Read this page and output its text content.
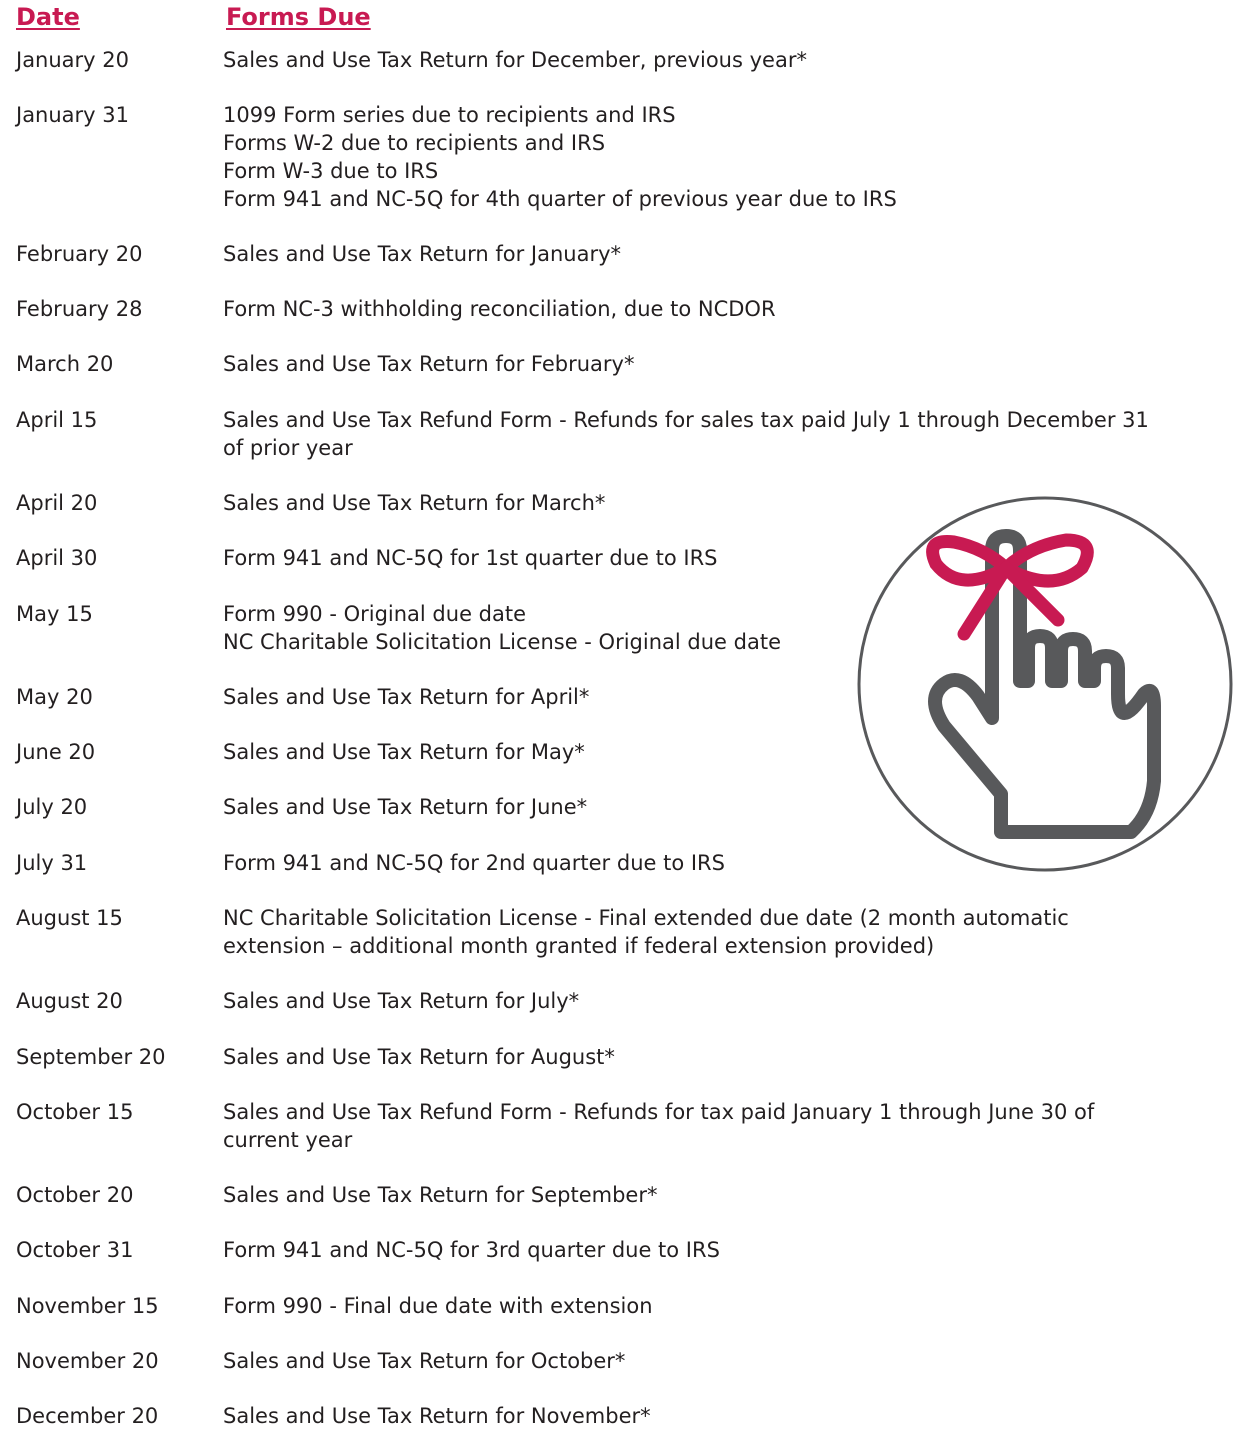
Date	Forms Due
January 20	Sales and Use Tax Return for December, previous year*
January 31	1099 Form series due to recipients and IRS
Forms W-2 due to recipients and IRS
Form W-3 due to IRS
Form 941 and NC-5Q for 4th quarter of previous year due to IRS
February 20	Sales and Use Tax Return for January*
February 28	Form NC-3 withholding reconciliation, due to NCDOR
March 20	Sales and Use Tax Return for February*
April 15	Sales and Use Tax Refund Form - Refunds for sales tax paid July 1 through December 31
of prior year
April 20	Sales and Use Tax Return for March*
April 30	Form 941 and NC-5Q for 1st quarter due to IRS
May 15	Form 990 - Original due date
NC Charitable Solicitation License - Original due date
May 20	Sales and Use Tax Return for April*
June 20	Sales and Use Tax Return for May*
July 20	Sales and Use Tax Return for June*
July 31	Form 941 and NC-5Q for 2nd quarter due to IRS
August 15	NC Charitable Solicitation License - Final extended due date (2 month automatic
extension – additional month granted if federal extension provided)
August 20	Sales and Use Tax Return for July*
September 20	Sales and Use Tax Return for August*
October 15	Sales and Use Tax Refund Form - Refunds for tax paid January 1 through June 30 of
current year
October 20	Sales and Use Tax Return for September*
October 31	Form 941 and NC-5Q for 3rd quarter due to IRS
November 15	Form 990 - Final due date with extension
November 20	Sales and Use Tax Return for October*
December 20	Sales and Use Tax Return for November*
